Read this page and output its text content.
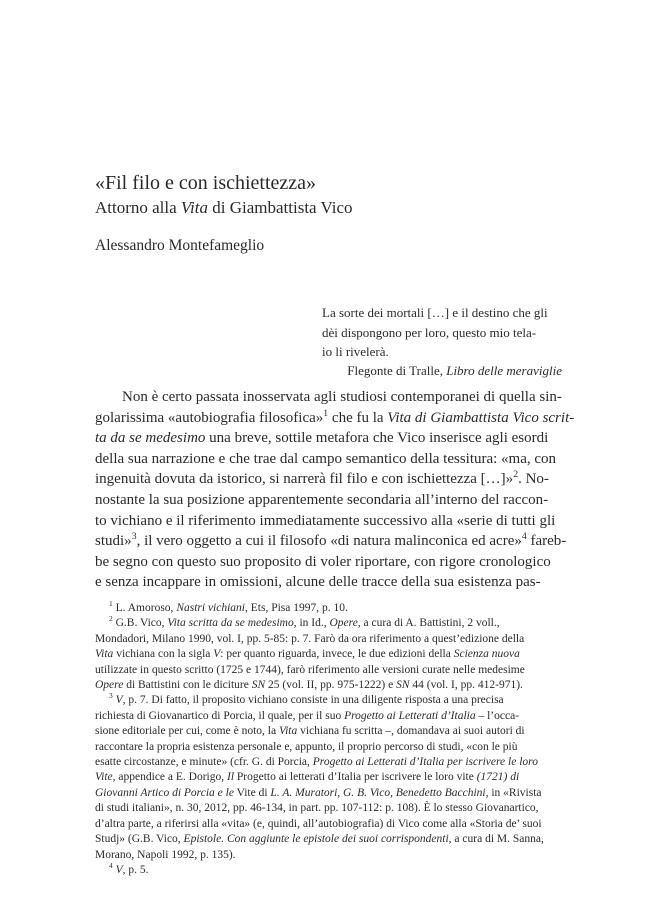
«Fil filo e con ischiettezza»
Attorno alla Vita di Giambattista Vico
Alessandro Montefameglio
La sorte dei mortali […] e il destino che gli
dèi dispongono per loro, questo mio tela-
io li rivelerà.
Flegonte di Tralle, Libro delle meraviglie
Non è certo passata inosservata agli studiosi contemporanei di quella sin-
golarissima «autobiografia filosofica»$^1$ che fu la Vita di Giambattista Vico scrit-
ta da se medesimo una breve, sottile metafora che Vico inserisce agli esordi
della sua narrazione e che trae dal campo semantico della tessitura: «ma, con
ingenuità dovuta da istorico, si narrerà fil filo e con ischiettezza […]»$^2$. No-
nostante la sua posizione apparentemente secondaria all’interno del raccon-
to vichiano e il riferimento immediatamente successivo alla «serie di tutti gli
studi»$^3$, il vero oggetto a cui il filosofo «di natura malinconica ed acre»$^4$ fareb-
be segno con questo suo proposito di voler riportare, con rigore cronologico
e senza incappare in omissioni, alcune delle tracce della sua esistenza pas-
$^1$ L. Amoroso, Nastri vichiani, Ets, Pisa 1997, p. 10.
$^2$ G.B. Vico, Vita scritta da se medesimo, in Id., Opere, a cura di A. Battistini, 2 voll.,
Mondadori, Milano 1990, vol. I, pp. 5-85: p. 7. Farò da ora riferimento a quest’edizione della
Vita vichiana con la sigla V: per quanto riguarda, invece, le due edizioni della Scienza nuova
utilizzate in questo scritto (1725 e 1744), farò riferimento alle versioni curate nelle medesime
Opere di Battistini con le diciture SN 25 (vol. II, pp. 975-1222) e SN 44 (vol. I, pp. 412-971).
$^3$ V, p. 7. Di fatto, il proposito vichiano consiste in una diligente risposta a una precisa
richiesta di Giovanartico di Porcia, il quale, per il suo Progetto ai Letterati d’Italia – l’occa-
sione editoriale per cui, come è noto, la Vita vichiana fu scritta –, domandava ai suoi autori di
raccontare la propria esistenza personale e, appunto, il proprio percorso di studi, «con le più
esatte circostanze, e minute» (cfr. G. di Porcia, Progetto ai Letterati d’Italia per iscrivere le loro
Vite, appendice a E. Dorigo, Il Progetto ai letterati d’Italia per iscrivere le loro vite (1721) di
Giovanni Artico di Porcia e le Vite di L. A. Muratori, G. B. Vico, Benedetto Bacchini, in «Rivista
di studi italiani», n. 30, 2012, pp. 46-134, in part. pp. 107-112: p. 108). È lo stesso Giovanartico,
d’altra parte, a riferirsi alla «vita» (e, quindi, all’autobiografia) di Vico come alla «Storia de’ suoi
Studj» (G.B. Vico, Epistole. Con aggiunte le epistole dei suoi corrispondenti, a cura di M. Sanna,
Morano, Napoli 1992, p. 135).
$^4$ V, p. 5.
